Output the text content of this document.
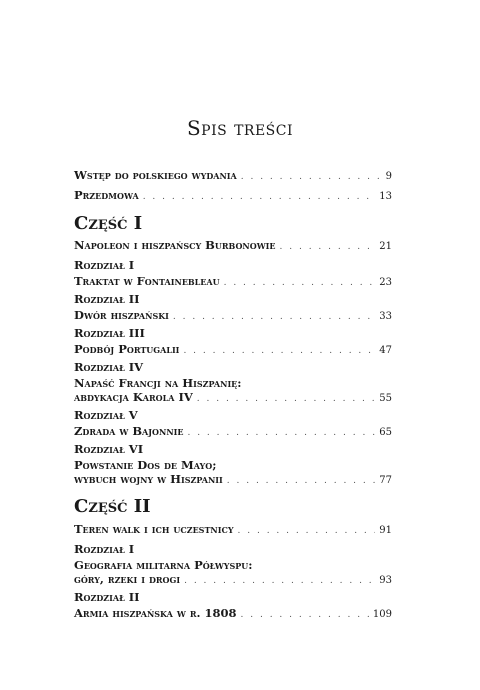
Spis treści
Wstęp do polskiego wydania . . .	9
Przedmowa . . .	13
Część I
Napoleon i hiszpańscy Burbonowie . . .	21
Rozdział I
Traktat w Fontainebleau . . .	23
Rozdział II
Dwór hiszpański . . .	33
Rozdział III
Podbój Portugalii . . .	47
Rozdział IV
Napaść Francji na Hiszpanię:
abdykacja Karola IV . . .	55
Rozdział V
Zdrada w Bajonnie . . .	65
Rozdział VI
Powstanie Dos de Mayo;
wybuch wojny w Hiszpanii . . .	77
Część II
Teren walk i ich uczestnicy . . .	91
Rozdział I
Geografia militarna Półwyspu:
góry, rzeki i drogi . . .	93
Rozdział II
Armia hiszpańska w r. 1808 . . .	109
